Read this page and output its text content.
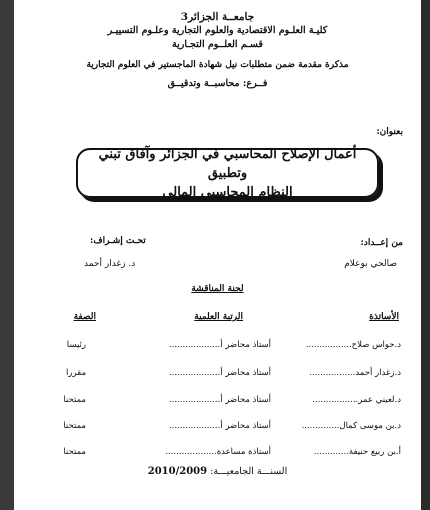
جامعــة الجزائر3
كليـة العلـوم الاقتصادية والعلوم التجارية وعلـوم التسييـر
قسـم العلــوم التجـارية
مذكرة مقدمة ضمن متطلبات نيل شهادة الماجستير في العلوم التجارية
فــرع: محاسبــة وتدقيــق
بعنوان:
أعمال الإصلاح المحاسبي في الجزائر وآفاق تبني وتطبيق
النظام المحاسبي المالي
من إعــداد:
صالحي بوعلام
تحـت إشـراف:
د. زغدار أحمد
لجنة المناقشة
الأساتذة
الرتبة العلمية
الصفة
د.حواس صلاح.................
أستاذ محاضر أ...................
رئيسا
د.زغدار أحمد.................
أستاذ محاضر أ...................
مقررا
د.لعيني عمر.................
أستاذ محاضر أ...................
ممتحنا
د.بن موسى كمال..............
أستاذ محاضر أ...................
ممتحنا
أ.بن ربيع حنيفة.............
أستاذة مساعدة...................
ممتحنا
السنـــة الجامعيـــة: 2010/2009
